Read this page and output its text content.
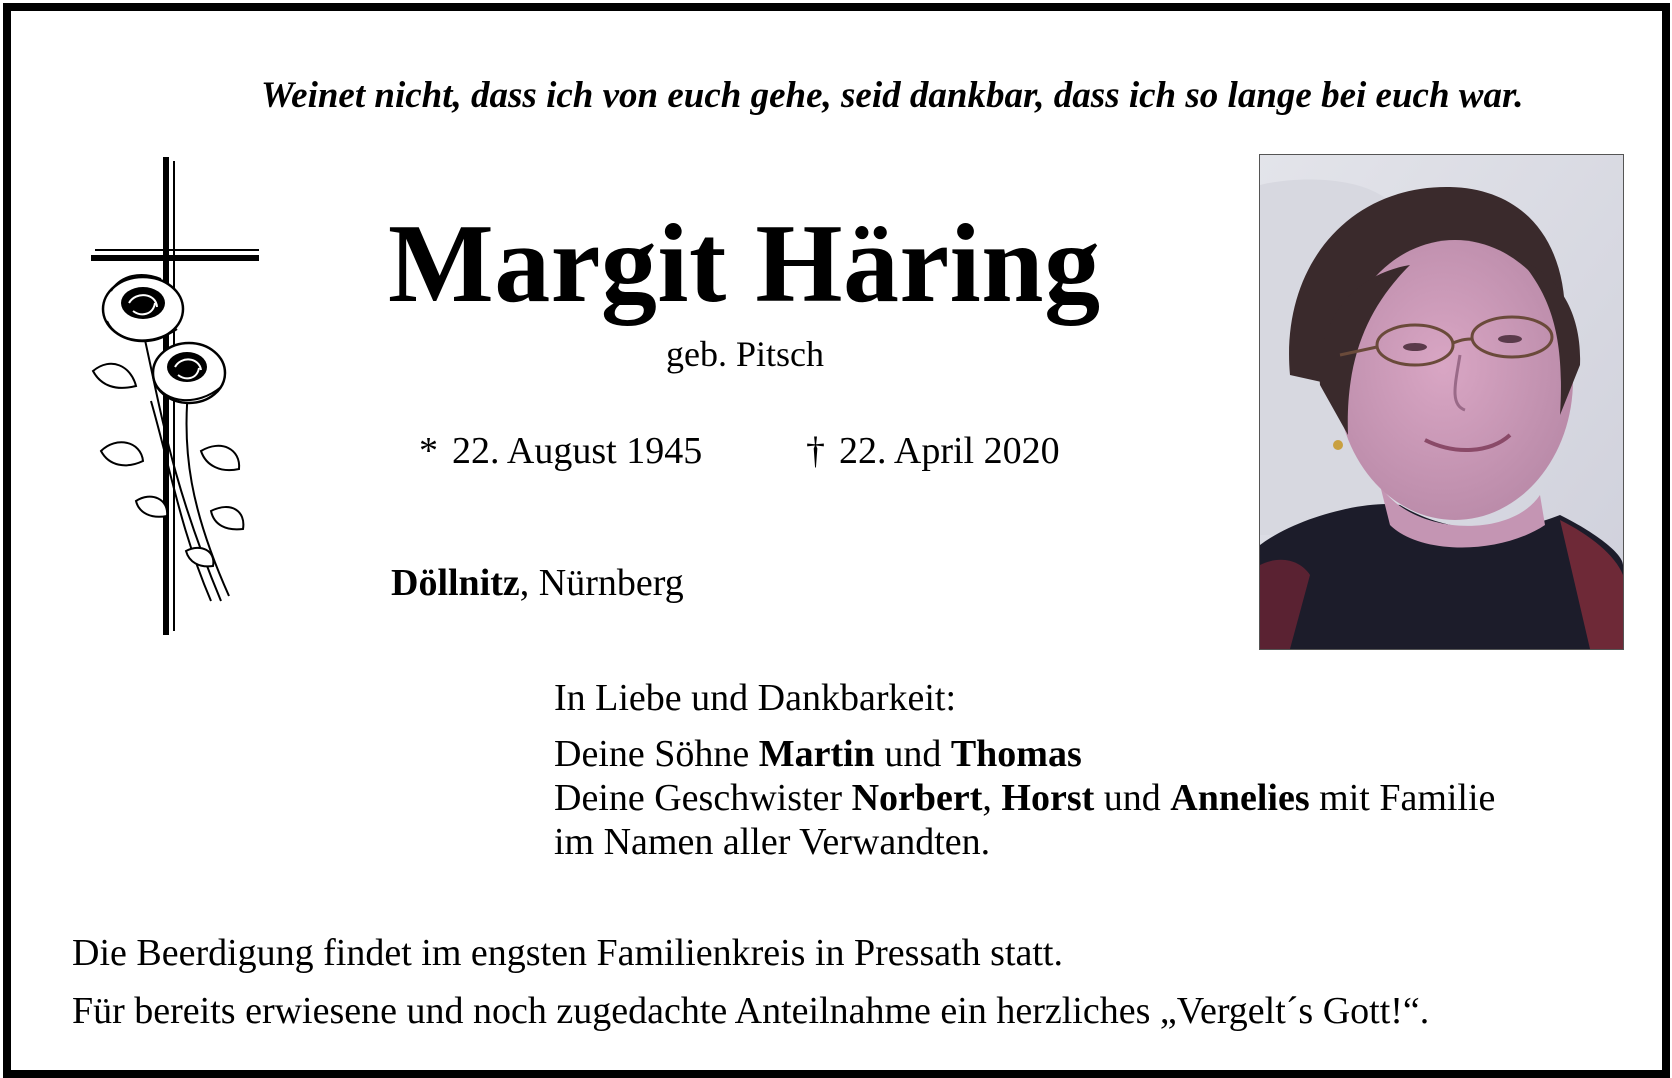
Weinet nicht, dass ich von euch gehe, seid dankbar, dass ich so lange bei euch war.
Margit Häring
geb. Pitsch
* 22. August 1945	† 22. April 2020
Döllnitz, Nürnberg
In Liebe und Dankbarkeit:
Deine Söhne Martin und Thomas
Deine Geschwister Norbert, Horst und Annelies mit Familie
im Namen aller Verwandten.
Die Beerdigung findet im engsten Familienkreis in Pressath statt.
Für bereits erwiesene und noch zugedachte Anteilnahme ein herzliches „Vergelt´s Gott!“.
